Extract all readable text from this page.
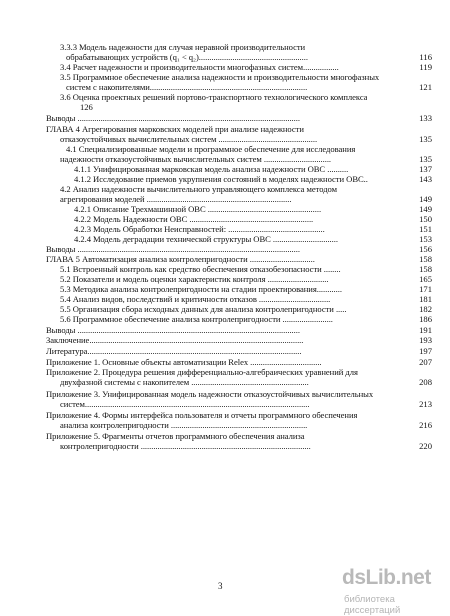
3.3.3 Модель надежности для случая неравной производительности
обрабатывающих устройств (q₁ < q₂)....................................................	116
3.4 Расчет надежности и производительности многофазных систем.................	119
3.5 Программное обеспечение анализа надежности и производительности многофазных
систем с накопителями...........................................................................	121
3.6 Оценка проектных решений портово-транспортного технологического комплекса
126
Выводы ..........................................................................................................	133
ГЛАВА 4 Агрегирования марковских моделей при анализе надежности
отказоустойчивых вычислительных систем ...............................................	135
4.1 Специализированные модели и программное обеспечение для исследования
надежности отказоустойчивых вычислительных систем ................................	135
4.1.1 Унифицированная марковская модель анализа надежности ОВС ..........	137
4.1.2 Исследование приемов укрупнения состояний в моделях надежности ОВС..	143
4.2 Анализ надежности вычислительного управляющего комплекса методом
агрегирования моделей .....................................................................	149
4.2.1 Описание Трехмашинной ОВС ......................................................	149
4.2.2 Модель Надежности ОВС ...........................................................	150
4.2.3 Модель Обработки Неисправностей: ..............................................	151
4.2.4 Модель деградации технической структуры ОВС ...............................	153
Выводы ..........................................................................................................	156
ГЛАВА 5 Автоматизация анализа контролепригодности ...............................	158
5.1 Встроенный контроль как средство обеспечения отказобезопасности ........	158
5.2 Показатели и модель оценки характеристик контроля .............................	165
5.3 Методика анализа контролепригодности на стадии проектирования............	171
5.4 Анализ видов, последствий и критичности отказов ..................................	181
5.5 Организация сбора исходных данных для анализа контролепригодности .....	182
5.6 Программное обеспечение анализа контролепригодности ........................	186
Выводы ..........................................................................................................	191
Заключение......................................................................................................	193
Литература......................................................................................................	197
Приложение 1. Основные объекты автоматизации Relex ..................................	207
Приложение 2. Процедура решения дифференциально-алгебраических уравнений для
двухфазной системы с накопителем ........................................................	208
Приложение 3. Унифицированная модель надежности отказоустойчивых вычислительных
систем...........................................................................................................	213
Приложение 4. Формы интерфейса пользователя и отчеты программного обеспечения
анализа контролепригодности .................................................................	216
Приложение 5. Фрагменты отчетов программного обеспечения анализа
контролепригодности .................................................................................	220
3	dsLib.net
библиотека диссертаций
